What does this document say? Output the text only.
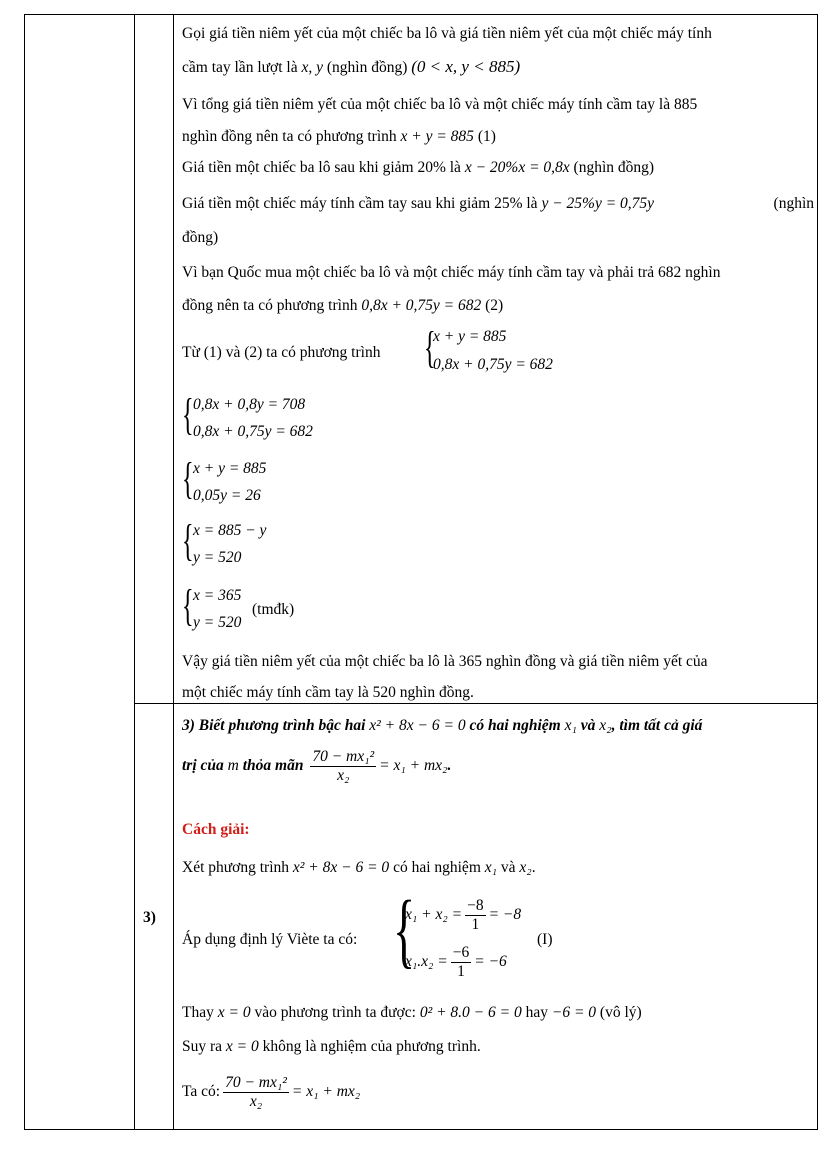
Gọi giá tiền niêm yết của một chiếc ba lô và giá tiền niêm yết của một chiếc máy tính
cầm tay lần lượt là x, y (nghìn đồng) (0 < x, y < 885)
Vì tổng giá tiền niêm yết của một chiếc ba lô và một chiếc máy tính cầm tay là 885
nghìn đồng nên ta có phương trình x + y = 885 (1)
Giá tiền một chiếc ba lô sau khi giảm 20% là x − 20%x = 0,8x (nghìn đồng)
Giá tiền một chiếc máy tính cầm tay sau khi giảm 25% là y − 25%y = 0,75y	(nghìn
đồng)
Vì bạn Quốc mua một chiếc ba lô và một chiếc máy tính cầm tay và phải trả 682 nghìn
đồng nên ta có phương trình 0,8x + 0,75y = 682 (2)
Từ (1) và (2) ta có phương trình {
x + y = 885
0,8x + 0,75y = 682
{ 0,8x + 0,8y = 708
0,8x + 0,75y = 682
{ x + y = 885
0,05y = 26
{ x = 885 − y
y = 520
{ x = 365
y = 520
(tmđk)
Vậy giá tiền niêm yết của một chiếc ba lô là 365 nghìn đồng và giá tiền niêm yết của
một chiếc máy tính cầm tay là 520 nghìn đồng.
3)
3) Biết phương trình bậc hai x² + 8x − 6 = 0 có hai nghiệm x₁ và x₂, tìm tất cả giá
trị của m thỏa mãn $\frac{\text{70 − mx₁²}}{\text{x₂}} = x_1 + mx_2$.
Cách giải:
Xét phương trình x² + 8x − 6 = 0 có hai nghiệm x₁ và x₂.
Áp dụng định lý Viète ta có: {
$x_1 + x_2 = \frac{-8}{1} = -8$
$x_1.x_2 = \frac{-6}{1} = -6$
(I)
Thay x = 0 vào phương trình ta được: 0² + 8.0 − 6 = 0 hay −6 = 0 (vô lý)
Suy ra x = 0 không là nghiệm của phương trình.
Ta có: $\frac{\text{70 − mx₁²}}{\text{x₂}} = x_1 + mx_2$
